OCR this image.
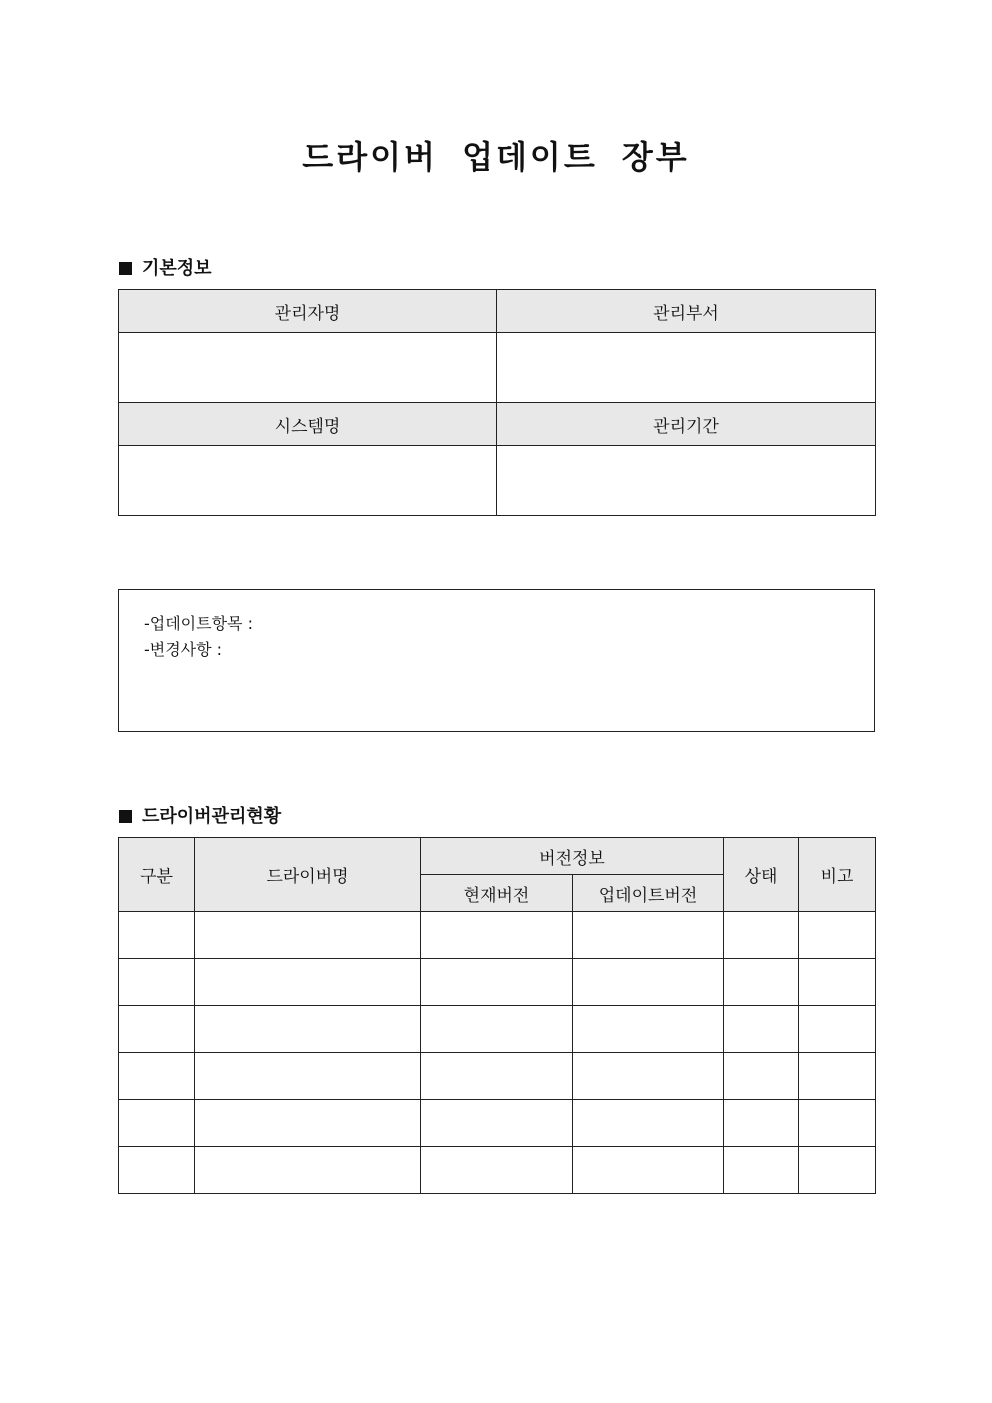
드라이버 업데이트 장부
기본정보
관리자명	관리부서

시스템명	관리기간

-업데이트항목 :
-변경사항 :
드라이버관리현황
구분	드라이버명	버전정보		상태	비고
		현재버전	업데이트버전		
